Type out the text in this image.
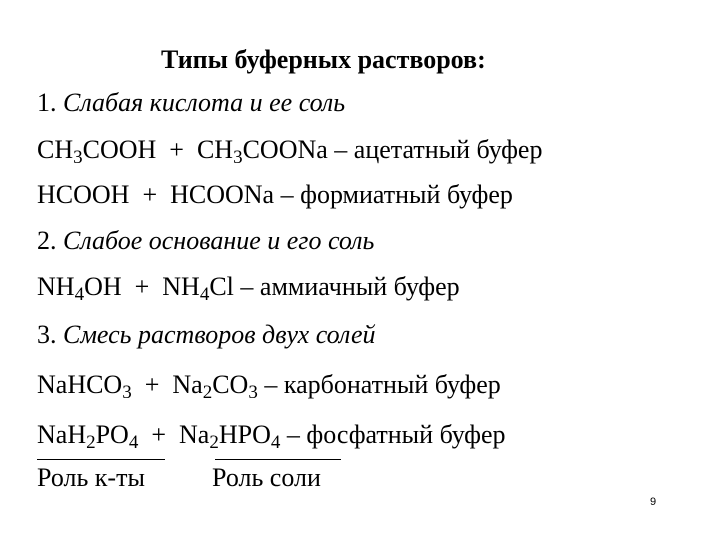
Типы буферных растворов:
1. Слабая кислота и ее соль
$CH_3COOH$  +  $CH_3COONa$ – ацетатный буфер
HCOOH  +  HCOONa – формиатный буфер
2. Слабое основание и его соль
$NH_4OH + NH_4Cl$ – аммиачный буфер
3. Смесь растворов двух солей
NaHCO$_3$  +  $Na_2CO_3$ – карбонатный буфер
$NaH_2PO_4 + Na_2HPO_4$ – фосфатный буфер
Роль к-ты	Роль соли
9
